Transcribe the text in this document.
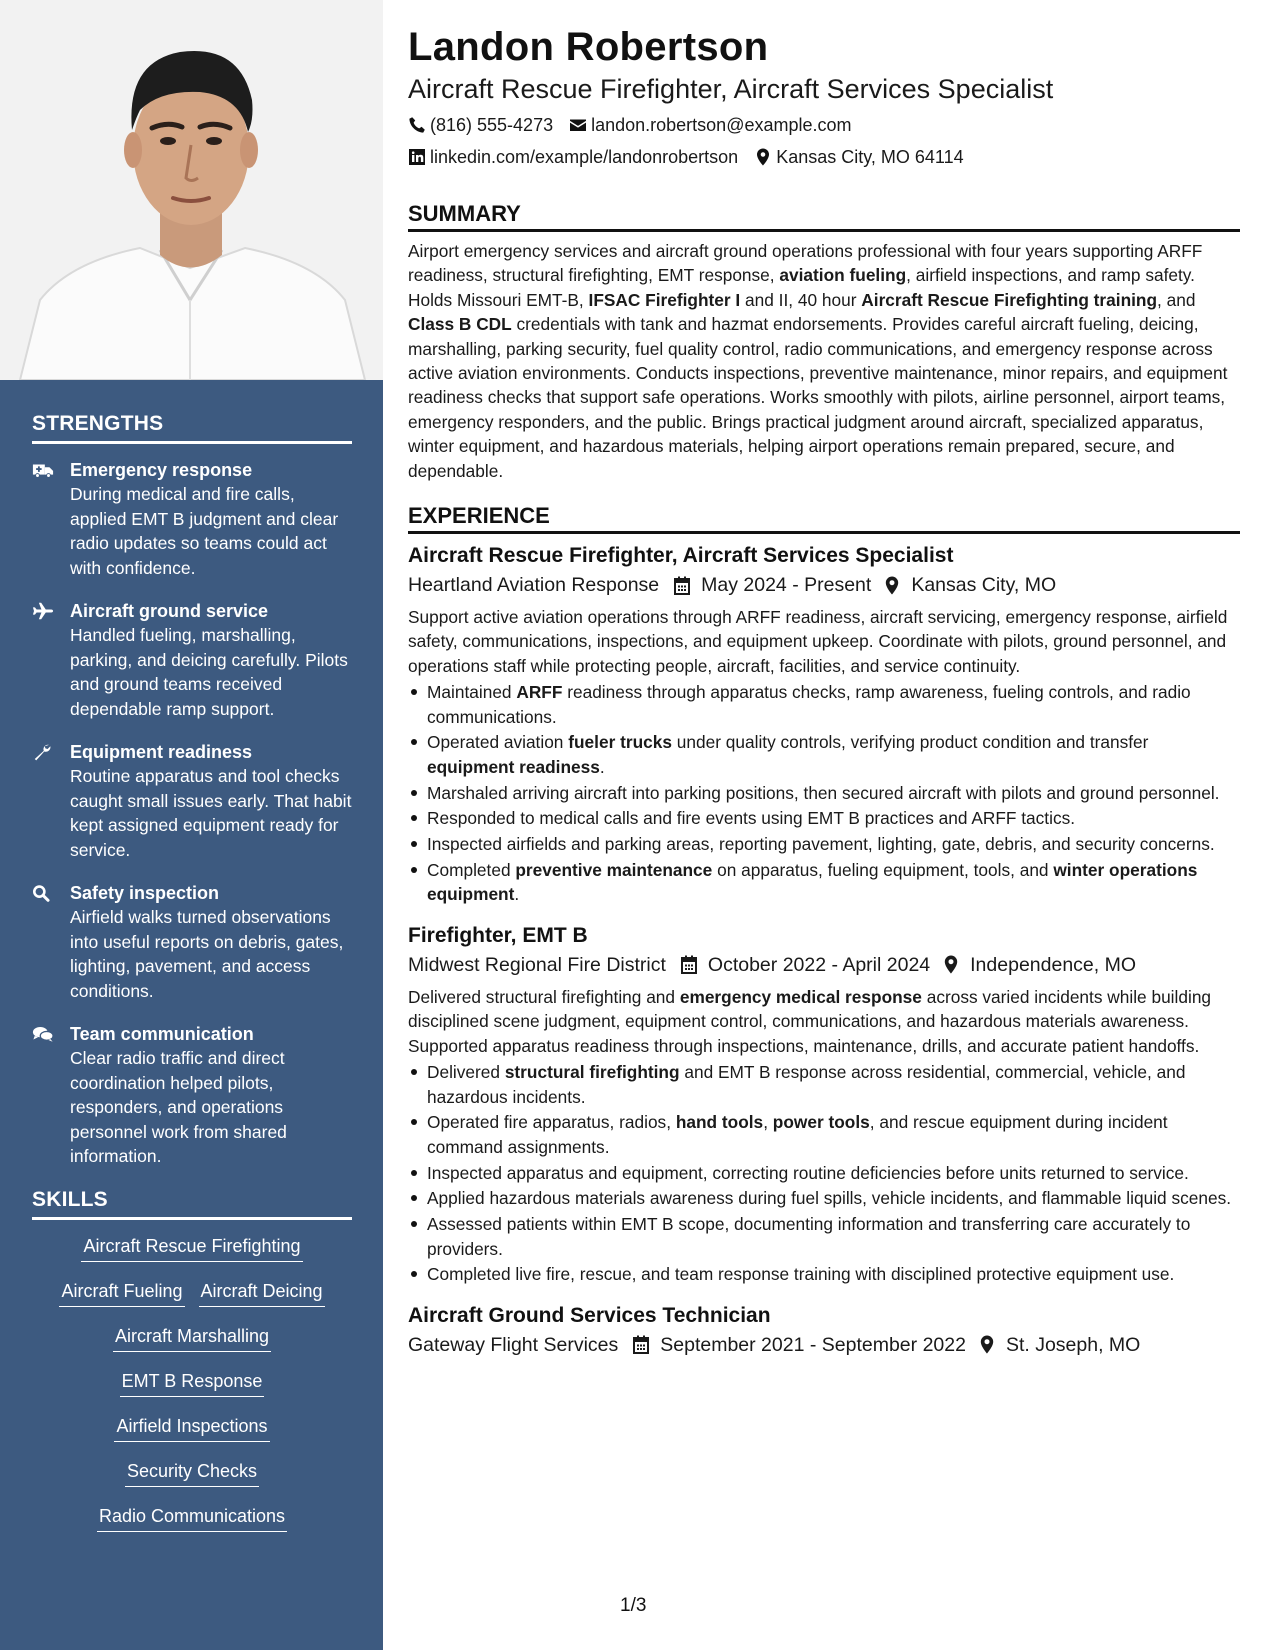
STRENGTHS
Emergency response
During medical and fire calls, applied EMT B judgment and clear radio updates so teams could act with confidence.
Aircraft ground service
Handled fueling, marshalling, parking, and deicing carefully. Pilots and ground teams received dependable ramp support.
Equipment readiness
Routine apparatus and tool checks caught small issues early. That habit kept assigned equipment ready for service.
Safety inspection
Airfield walks turned observations into useful reports on debris, gates, lighting, pavement, and access conditions.
Team communication
Clear radio traffic and direct coordination helped pilots, responders, and operations personnel work from shared information.
SKILLS
Aircraft Rescue Firefighting
Aircraft Fueling Aircraft Deicing
Aircraft Marshalling
EMT B Response
Airfield Inspections
Security Checks
Radio Communications
Landon Robertson
Aircraft Rescue Firefighter, Aircraft Services Specialist
(816) 555-4273 landon.robertson@example.com
linkedin.com/example/landonrobertson Kansas City, MO 64114
SUMMARY

Airport emergency services and aircraft ground operations professional with four years supporting ARFF readiness, structural firefighting, EMT response, aviation fueling, airfield inspections, and ramp safety. Holds Missouri EMT-B, IFSAC Firefighter I and II, 40 hour Aircraft Rescue Firefighting training, and Class B CDL credentials with tank and hazmat endorsements. Provides careful aircraft fueling, deicing, marshalling, parking security, fuel quality control, radio communications, and emergency response across active aviation environments. Conducts inspections, preventive maintenance, minor repairs, and equipment readiness checks that support safe operations. Works smoothly with pilots, airline personnel, airport teams, emergency responders, and the public. Brings practical judgment around aircraft, specialized apparatus, winter equipment, and hazardous materials, helping airport operations remain prepared, secure, and dependable.

EXPERIENCE
Aircraft Rescue Firefighter, Aircraft Services Specialist
Heartland Aviation Response May 2024 - Present Kansas City, MO

Support active aviation operations through ARFF readiness, aircraft servicing, emergency response, airfield safety, communications, inspections, and equipment upkeep. Coordinate with pilots, ground personnel, and operations staff while protecting people, aircraft, facilities, and service continuity.

Maintained ARFF readiness through apparatus checks, ramp awareness, fueling controls, and radio communications.
Operated aviation fueler trucks under quality controls, verifying product condition and transfer equipment readiness.
Marshaled arriving aircraft into parking positions, then secured aircraft with pilots and ground personnel.
Responded to medical calls and fire events using EMT B practices and ARFF tactics.
Inspected airfields and parking areas, reporting pavement, lighting, gate, debris, and security concerns.
Completed preventive maintenance on apparatus, fueling equipment, tools, and winter operations equipment.
Firefighter, EMT B
Midwest Regional Fire District October 2022 - April 2024 Independence, MO

Delivered structural firefighting and emergency medical response across varied incidents while building disciplined scene judgment, equipment control, communications, and hazardous materials awareness. Supported apparatus readiness through inspections, maintenance, drills, and accurate patient handoffs.

Delivered structural firefighting and EMT B response across residential, commercial, vehicle, and hazardous incidents.
Operated fire apparatus, radios, hand tools, power tools, and rescue equipment during incident command assignments.
Inspected apparatus and equipment, correcting routine deficiencies before units returned to service.
Applied hazardous materials awareness during fuel spills, vehicle incidents, and flammable liquid scenes.
Assessed patients within EMT B scope, documenting information and transferring care accurately to providers.
Completed live fire, rescue, and team response training with disciplined protective equipment use.
Aircraft Ground Services Technician
Gateway Flight Services September 2021 - September 2022 St. Joseph, MO
1/3
